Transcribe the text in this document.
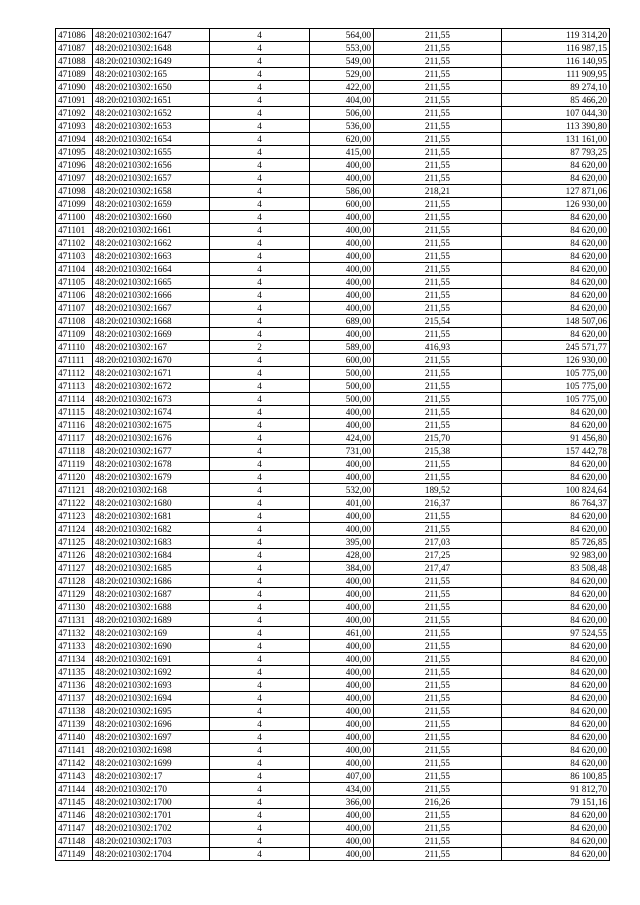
471086	48:20:0210302:1647	4	564,00	211,55	119 314,20
471087	48:20:0210302:1648	4	553,00	211,55	116 987,15
471088	48:20:0210302:1649	4	549,00	211,55	116 140,95
471089	48:20:0210302:165	4	529,00	211,55	111 909,95
471090	48:20:0210302:1650	4	422,00	211,55	89 274,10
471091	48:20:0210302:1651	4	404,00	211,55	85 466,20
471092	48:20:0210302:1652	4	506,00	211,55	107 044,30
471093	48:20:0210302:1653	4	536,00	211,55	113 390,80
471094	48:20:0210302:1654	4	620,00	211,55	131 161,00
471095	48:20:0210302:1655	4	415,00	211,55	87 793,25
471096	48:20:0210302:1656	4	400,00	211,55	84 620,00
471097	48:20:0210302:1657	4	400,00	211,55	84 620,00
471098	48:20:0210302:1658	4	586,00	218,21	127 871,06
471099	48:20:0210302:1659	4	600,00	211,55	126 930,00
471100	48:20:0210302:1660	4	400,00	211,55	84 620,00
471101	48:20:0210302:1661	4	400,00	211,55	84 620,00
471102	48:20:0210302:1662	4	400,00	211,55	84 620,00
471103	48:20:0210302:1663	4	400,00	211,55	84 620,00
471104	48:20:0210302:1664	4	400,00	211,55	84 620,00
471105	48:20:0210302:1665	4	400,00	211,55	84 620,00
471106	48:20:0210302:1666	4	400,00	211,55	84 620,00
471107	48:20:0210302:1667	4	400,00	211,55	84 620,00
471108	48:20:0210302:1668	4	689,00	215,54	148 507,06
471109	48:20:0210302:1669	4	400,00	211,55	84 620,00
471110	48:20:0210302:167	2	589,00	416,93	245 571,77
471111	48:20:0210302:1670	4	600,00	211,55	126 930,00
471112	48:20:0210302:1671	4	500,00	211,55	105 775,00
471113	48:20:0210302:1672	4	500,00	211,55	105 775,00
471114	48:20:0210302:1673	4	500,00	211,55	105 775,00
471115	48:20:0210302:1674	4	400,00	211,55	84 620,00
471116	48:20:0210302:1675	4	400,00	211,55	84 620,00
471117	48:20:0210302:1676	4	424,00	215,70	91 456,80
471118	48:20:0210302:1677	4	731,00	215,38	157 442,78
471119	48:20:0210302:1678	4	400,00	211,55	84 620,00
471120	48:20:0210302:1679	4	400,00	211,55	84 620,00
471121	48:20:0210302:168	4	532,00	189,52	100 824,64
471122	48:20:0210302:1680	4	401,00	216,37	86 764,37
471123	48:20:0210302:1681	4	400,00	211,55	84 620,00
471124	48:20:0210302:1682	4	400,00	211,55	84 620,00
471125	48:20:0210302:1683	4	395,00	217,03	85 726,85
471126	48:20:0210302:1684	4	428,00	217,25	92 983,00
471127	48:20:0210302:1685	4	384,00	217,47	83 508,48
471128	48:20:0210302:1686	4	400,00	211,55	84 620,00
471129	48:20:0210302:1687	4	400,00	211,55	84 620,00
471130	48:20:0210302:1688	4	400,00	211,55	84 620,00
471131	48:20:0210302:1689	4	400,00	211,55	84 620,00
471132	48:20:0210302:169	4	461,00	211,55	97 524,55
471133	48:20:0210302:1690	4	400,00	211,55	84 620,00
471134	48:20:0210302:1691	4	400,00	211,55	84 620,00
471135	48:20:0210302:1692	4	400,00	211,55	84 620,00
471136	48:20:0210302:1693	4	400,00	211,55	84 620,00
471137	48:20:0210302:1694	4	400,00	211,55	84 620,00
471138	48:20:0210302:1695	4	400,00	211,55	84 620,00
471139	48:20:0210302:1696	4	400,00	211,55	84 620,00
471140	48:20:0210302:1697	4	400,00	211,55	84 620,00
471141	48:20:0210302:1698	4	400,00	211,55	84 620,00
471142	48:20:0210302:1699	4	400,00	211,55	84 620,00
471143	48:20:0210302:17	4	407,00	211,55	86 100,85
471144	48:20:0210302:170	4	434,00	211,55	91 812,70
471145	48:20:0210302:1700	4	366,00	216,26	79 151,16
471146	48:20:0210302:1701	4	400,00	211,55	84 620,00
471147	48:20:0210302:1702	4	400,00	211,55	84 620,00
471148	48:20:0210302:1703	4	400,00	211,55	84 620,00
471149	48:20:0210302:1704	4	400,00	211,55	84 620,00
